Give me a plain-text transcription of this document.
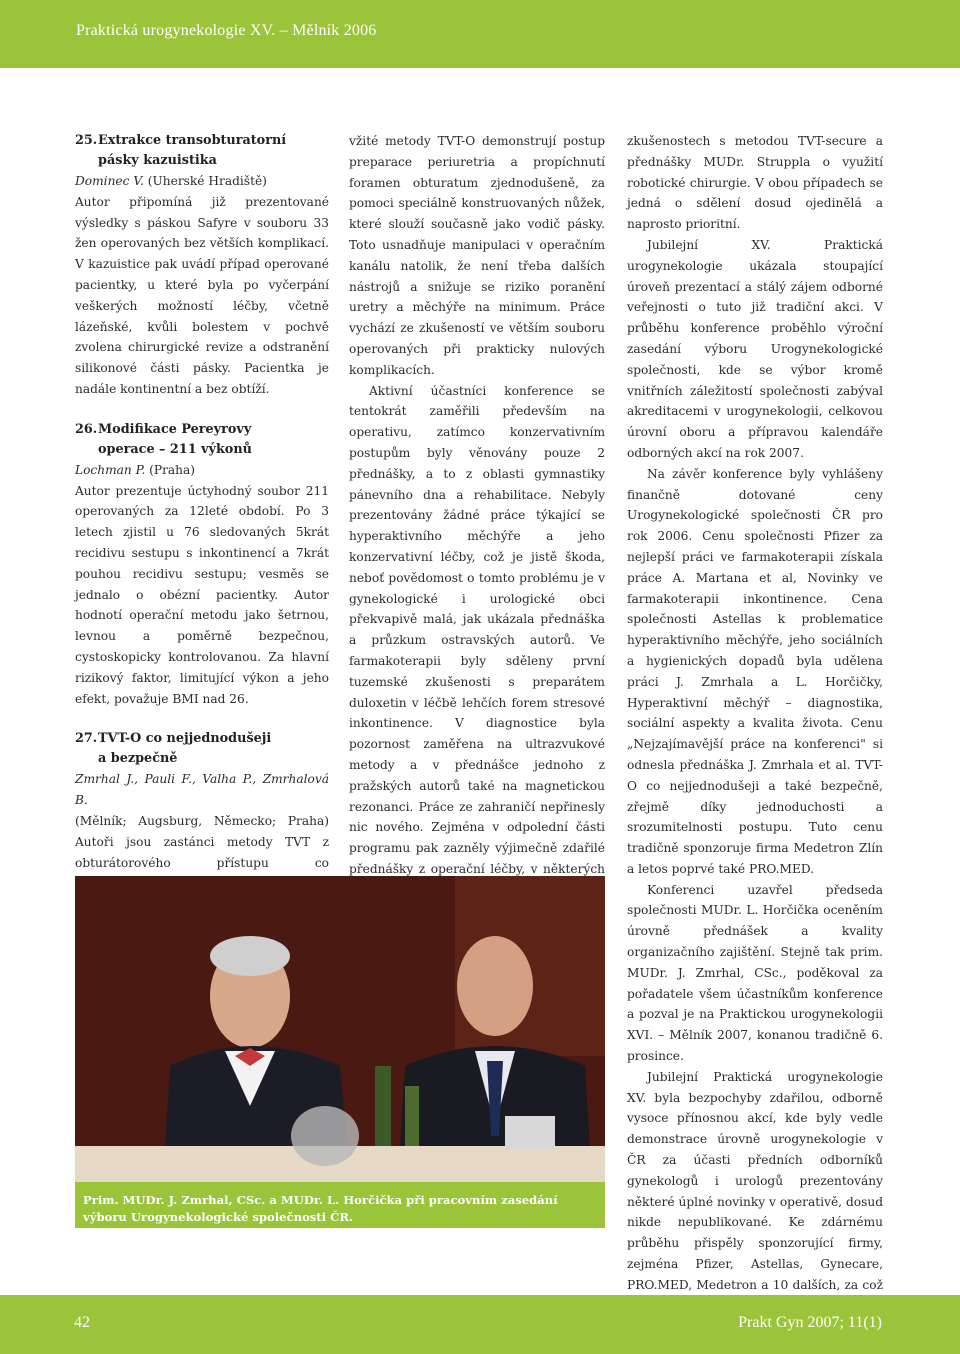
Praktická urogynekologie XV. – Mělník 2006
25.Extrakce transobturatorní
pásky kazuistika

Dominec V. (Uherské Hradiště)

Autor připomíná již prezentované výsledky s páskou Safyre v souboru 33 žen operovaných bez větších komplikací. V kazuistice pak uvádí případ operované pacientky, u které byla po vyčerpání veškerých možností léčby, včetně lázeňské, kvůli bolestem v pochvě zvolena chirurgické revize a odstranění silikonové části pásky. Pacientka je nadále kontinentní a bez obtíží.

26.Modifikace Pereyrovy
operace – 211 výkonů

Lochman P. (Praha)

Autor prezentuje úctyhodný soubor 211 operovaných za 12leté období. Po 3 letech zjistil u 76 sledovaných 5krát recidivu sestupu s inkontinencí a 7krát pouhou recidivu sestupu; vesměs se jednalo o obézní pacientky. Autor hodnotí operační metodu jako šetrnou, levnou a poměrně bezpečnou, cystoskopicky kontrolovanou. Za hlavní rizikový faktor, limitující výkon a jeho efekt, považuje BMI nad 26.

27.TVT-O co nejjednodušeji
a bezpečně

Zmrhal J., Pauli F., Valha P., Zmrhalová B.

(Mělník; Augsburg, Německo; Praha) Autoři jsou zastánci metody TVT z obturátorového přístupu co

vžité metody TVT-O demonstrují postup preparace periuretria a propíchnutí foramen obturatum zjednodušeně, za pomoci speciálně konstruovaných nůžek, které slouží současně jako vodič pásky. Toto usnadňuje manipulaci v operačním kanálu natolik, že není třeba dalších nástrojů a snižuje se riziko poranění uretry a měchýře na minimum. Práce vychází ze zkušeností ve větším souboru operovaných při prakticky nulových komplikacích.

Aktivní účastníci konference se tentokrát zaměřili především na operativu, zatímco konzervativním postupům byly věnovány pouze 2 přednášky, a to z oblasti gymnastiky pánevního dna a rehabilitace. Nebyly prezentovány žádné práce týkající se hyperaktivního měchýře a jeho konzervativní léčby, což je jistě škoda, neboť povědomost o tomto problému je v gynekologické i urologické obci překvapivě malá, jak ukázala přednáška a průzkum ostravských autorů. Ve farmakoterapii byly sděleny první tuzemské zkušenosti s preparátem duloxetin v léčbě lehčích forem stresové inkontinence. V diagnostice byla pozornost zaměřena na ultrazvukové metody a v přednášce jednoho z pražských autorů také na magnetickou rezonanci. Práce ze zahraničí nepřinesly nic nového. Zejména v odpolední části programu pak zazněly výjimečně zdařilé přednášky z operační léčby, v některých

zkušenostech s metodou TVT-secure a přednášky MUDr. Struppla o využití robotické chirurgie. V obou případech se jedná o sdělení dosud ojedinělá a naprosto prioritní.

Jubilejní XV. Praktická urogynekologie ukázala stoupající úroveň prezentací a stálý zájem odborné veřejnosti o tuto již tradiční akci. V průběhu konference proběhlo výroční zasedání výboru Urogynekologické společnosti, kde se výbor kromě vnitřních záležitostí společnosti zabýval akreditacemi v urogynekologii, celkovou úrovní oboru a přípravou kalendáře odborných akcí na rok 2007.

Na závěr konference byly vyhlášeny finančně dotované ceny Urogynekologické společnosti ČR pro rok 2006. Cenu společnosti Pfizer za nejlepší práci ve farmakoterapii získala práce A. Martana et al, Novinky ve farmakoterapii inkontinence. Cena společnosti Astellas k problematice hyperaktivního měchýře, jeho sociálních a hygienických dopadů byla udělena práci J. Zmrhala a L. Horčičky, Hyperaktivní měchýř – diagnostika, sociální aspekty a kvalita života. Cenu „Nejzajímavější práce na konferenci" si odnesla přednáška J. Zmrhala et al. TVT-O co nejjednodušeji a také bezpečně, zřejmě díky jednoduchosti a srozumitelnosti postupu. Tuto cenu tradičně sponzoruje firma Medetron Zlín a letos poprvé také PRO.MED.

Konferenci uzavřel předseda společnosti MUDr. L. Horčička oceněním úrovně přednášek a kvality organizačního zajištění. Stejně tak prim. MUDr. J. Zmrhal, CSc., poděkoval za pořadatele všem účastníkům konference a pozval je na Praktickou urogynekologii XVI. – Mělník 2007, konanou tradičně 6. prosince.

Jubilejní Praktická urogynekologie XV. byla bezpochyby zdařilou, odborně vysoce přínosnou akcí, kde byly vedle demonstrace úrovně urogynekologie v ČR za účasti předních odborníků gynekologů i urologů prezentovány některé úplné novinky v operativě, dosud nikde nepublikované. Ke zdárnému průběhu přispěly sponzorující firmy, zejména Pfizer, Astellas, Gynecare, PRO.MED, Medetron a 10 dalších, za což

Prim. MUDr. J. Zmrhal, CSc. a MUDr. L. Horčička při pracovním zasedání výboru Urogynekologické společnosti ČR.
42	Prakt Gyn 2007; 11(1)
